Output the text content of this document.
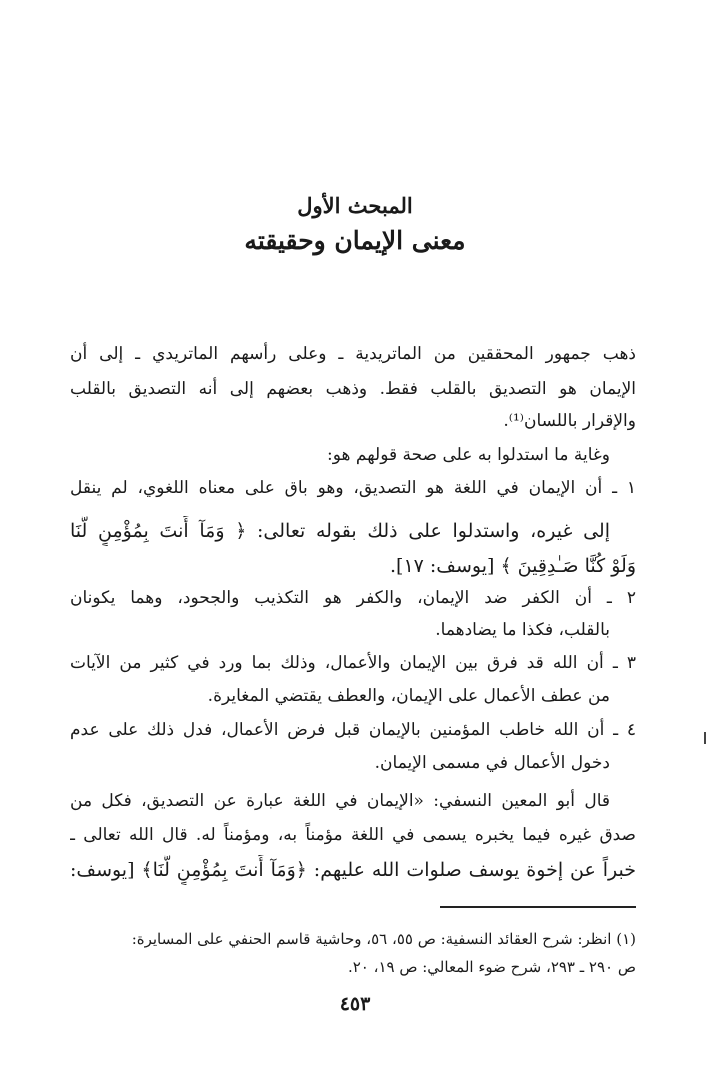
المبحث الأول
معنى الإيمان وحقيقته
ذهب جمهور المحققين من الماتريدية ـ وعلى رأسهم الماتريدي ـ إلى أن
الإيمان هو التصديق بالقلب فقط. وذهب بعضهم إلى أنه التصديق بالقلب
والإقرار باللسان⁽¹⁾.
وغاية ما استدلوا به على صحة قولهم هو:
١ ـ أن الإيمان في اللغة هو التصديق، وهو باق على معناه اللغوي، لم ينقل
إلى غيره، واستدلوا على ذلك بقوله تعالى: ﴿ وَمَآ أَنتَ بِمُؤْمِنٍ لَّنَا
وَلَوْ كُنَّا صَـٰدِقِينَ ﴾ [يوسف: ١٧].
٢ ـ أن الكفر ضد الإيمان، والكفر هو التكذيب والجحود، وهما يكونان
بالقلب، فكذا ما يضادهما.
٣ ـ أن الله قد فرق بين الإيمان والأعمال، وذلك بما ورد في كثير من الآيات
من عطف الأعمال على الإيمان، والعطف يقتضي المغايرة.
٤ ـ أن الله خاطب المؤمنين بالإيمان قبل فرض الأعمال، فدل ذلك على عدم
دخول الأعمال في مسمى الإيمان.
قال أبو المعين النسفي: «الإيمان في اللغة عبارة عن التصديق، فكل من
صدق غيره فيما يخبره يسمى في اللغة مؤمناً به، ومؤمناً له. قال الله تعالى ـ
خبراً عن إخوة يوسف صلوات الله عليهم: ﴿وَمَآ أَنتَ بِمُؤْمِنٍ لَّنَا﴾ [يوسف:
(١) انظر: شرح العقائد النسفية: ص ٥٥، ٥٦، وحاشية قاسم الحنفي على المسايرة:
ص ٢٩٠ ـ ٢٩٣، شرح ضوء المعالي: ص ١٩، ٢٠.
٤٥٣
